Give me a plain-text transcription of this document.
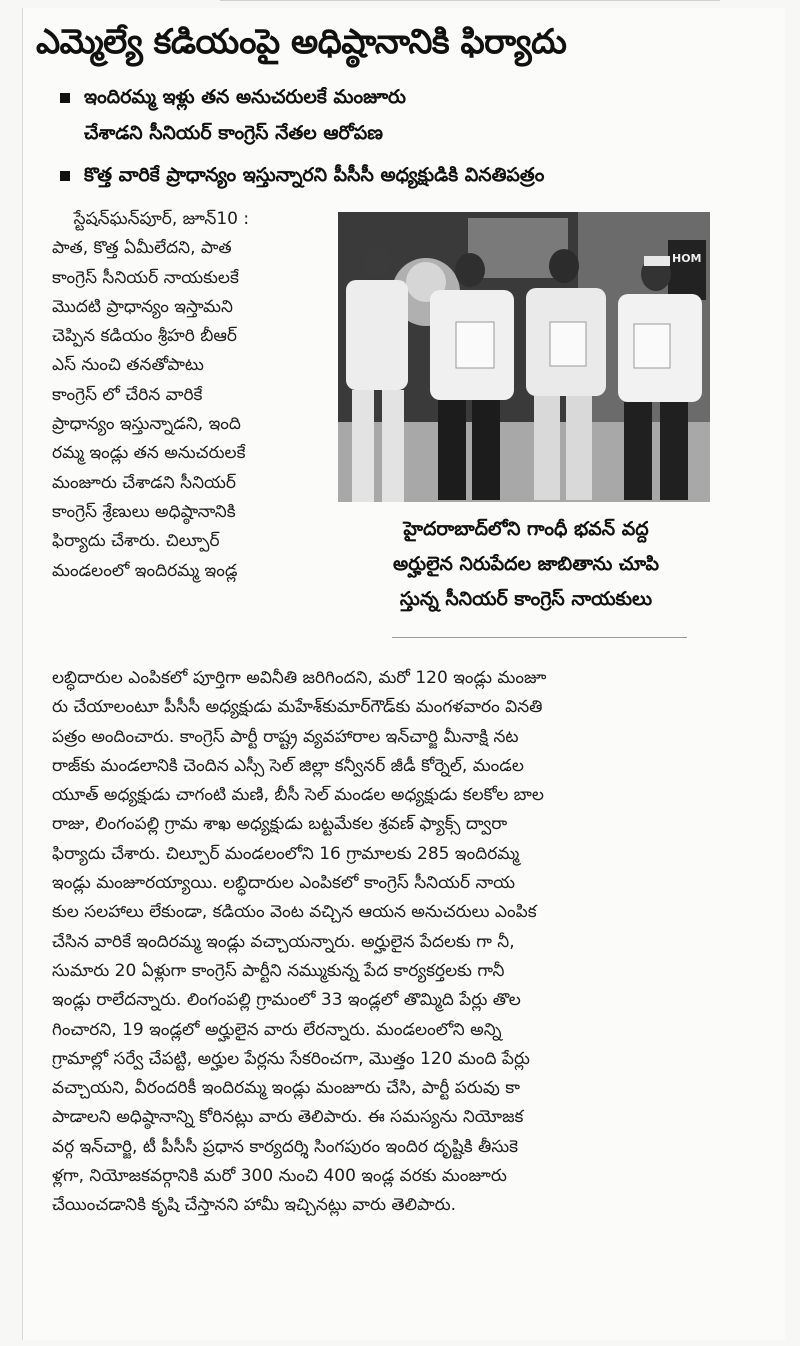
ఎమ్మెల్యే కడియంపై అధిష్ఠానానికి ఫిర్యాదు
ఇందిరమ్మ ఇళ్లు తన అనుచరులకే మంజూరు
చేశాడని సీనియర్ కాంగ్రెస్ నేతల ఆరోపణ
కొత్త వారికే ప్రాధాన్యం ఇస్తున్నారని పీసీసీ అధ్యక్షుడికి వినతిపత్రం
స్టేషన్‌ఘన్‌పూర్, జూన్10 :
పాత, కొత్త ఏమీలేదని, పాత
కాంగ్రెస్ సీనియర్ నాయకులకే
మొదటి ప్రాధాన్యం ఇస్తామని
చెప్పిన కడియం శ్రీహరి బీఆర్
ఎస్ నుంచి తనతోపాటు
కాంగ్రెస్ లో చేరిన వారికే
ప్రాధాన్యం ఇస్తున్నాడని, ఇంది
రమ్మ ఇండ్లు తన అనుచరులకే
మంజూరు చేశాడని సీనియర్
కాంగ్రెస్ శ్రేణులు అధిష్ఠానానికి
ఫిర్యాదు చేశారు. చిల్పూర్
మండలంలో ఇందిరమ్మ ఇండ్ల
HOM
హైదరాబాద్‌లోని గాంధీ భవన్ వద్ద
అర్హులైన నిరుపేదల జాబితాను చూపి
స్తున్న సీనియర్ కాంగ్రెస్ నాయకులు
లబ్ధిదారుల ఎంపికలో పూర్తిగా అవినీతి జరిగిందని, మరో 120 ఇండ్లు మంజూ
రు చేయాలంటూ పీసీసీ అధ్యక్షుడు మహేశ్‌కుమార్‌గౌడ్‌కు మంగళవారం వినతి
పత్రం అందించారు. కాంగ్రెస్ పార్టీ రాష్ట్ర వ్యవహారాల ఇన్‌చార్జి మీనాక్షి నట
రాజ్‌కు మండలానికి చెందిన ఎస్సీ సెల్ జిల్లా కన్వీనర్ జీడీ కోర్నెల్, మండల
యూత్ అధ్యక్షుడు చాగంటి మణి, బీసీ సెల్ మండల అధ్యక్షుడు కలకోల బాల
రాజు, లింగంపల్లి గ్రామ శాఖ అధ్యక్షుడు బట్టమేకల శ్రవణ్ ఫ్యాక్స్ ద్వారా
ఫిర్యాదు చేశారు. చిల్పూర్ మండలంలోని 16 గ్రామాలకు 285 ఇందిరమ్మ
ఇండ్లు మంజూరయ్యాయి. లబ్ధిదారుల ఎంపికలో కాంగ్రెస్ సీనియర్ నాయ
కుల సలహాలు లేకుండా, కడియం వెంట వచ్చిన ఆయన అనుచరులు ఎంపిక
చేసిన వారికే ఇందిరమ్మ ఇండ్లు వచ్చాయన్నారు. అర్హులైన పేదలకు గా నీ,
సుమారు 20 ఏళ్లుగా కాంగ్రెస్ పార్టీని నమ్ముకున్న పేద కార్యకర్తలకు గానీ
ఇండ్లు రాలేదన్నారు. లింగంపల్లి గ్రామంలో 33 ఇండ్లలో తొమ్మిది పేర్లు తొల
గించారని, 19 ఇండ్లలో అర్హులైన వారు లేరన్నారు. మండలంలోని అన్ని
గ్రామాల్లో సర్వే చేపట్టి, అర్హుల పేర్లను సేకరించగా, మొత్తం 120 మంది పేర్లు
వచ్చాయని, వీరందరికీ ఇందిరమ్మ ఇండ్లు మంజూరు చేసి, పార్టీ పరువు కా
పాడాలని అధిష్ఠానాన్ని కోరినట్లు వారు తెలిపారు. ఈ సమస్యను నియోజక
వర్గ ఇన్‌చార్జి, టీ పీసీసీ ప్రధాన కార్యదర్శి సింగపురం ఇందిర దృష్టికి తీసుకె
ళ్లగా, నియోజకవర్గానికి మరో 300 నుంచి 400 ఇండ్ల వరకు మంజూరు
చేయించడానికి కృషి చేస్తానని హామీ ఇచ్చినట్లు వారు తెలిపారు.
